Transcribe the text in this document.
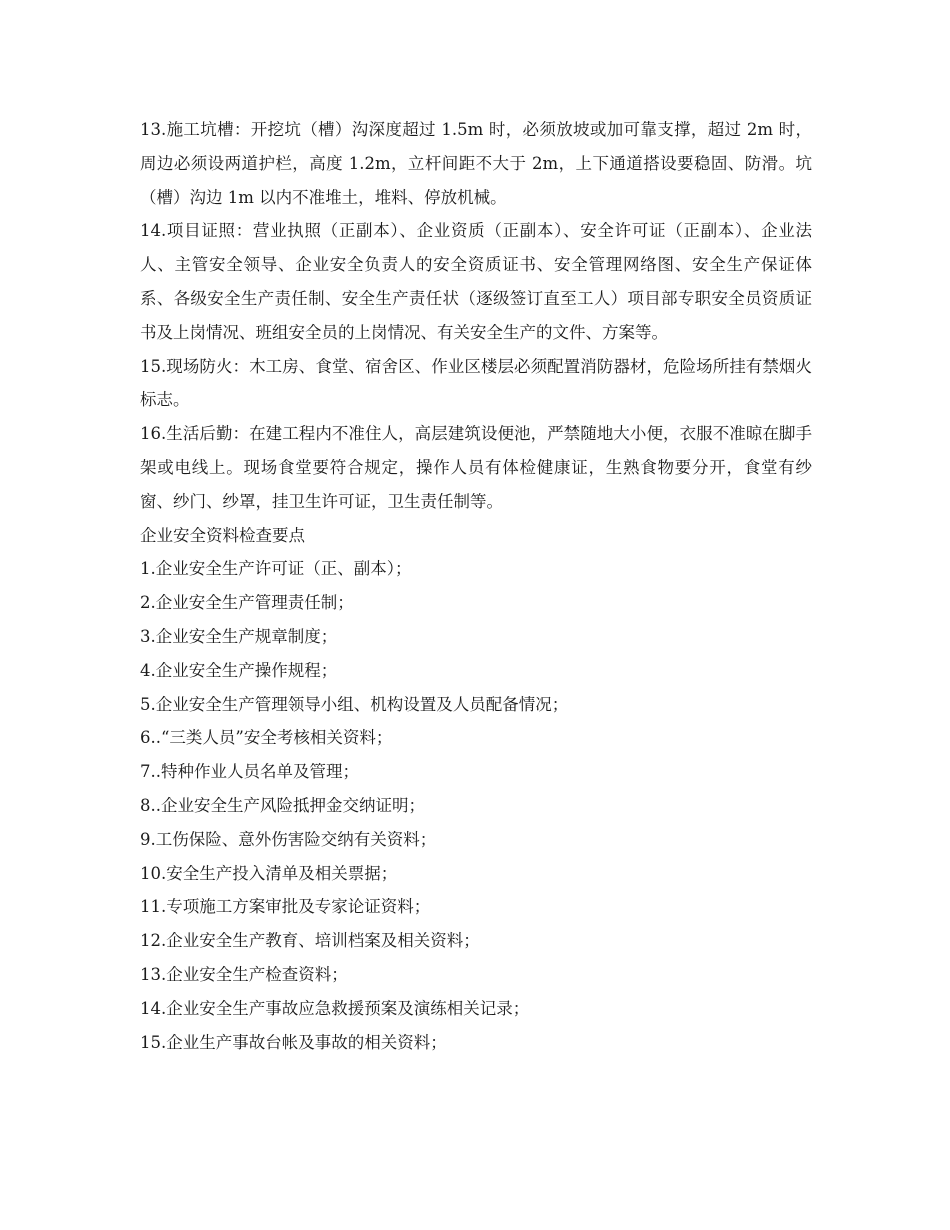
13.施工坑槽：开挖坑（槽）沟深度超过 1.5m 时，必须放坡或加可靠支撑，超过 2m 时，周边必须设两道护栏，高度 1.2m，立杆间距不大于 2m，上下通道搭设要稳固、防滑。坑（槽）沟边 1m 以内不准堆土，堆料、停放机械。

14.项目证照：营业执照（正副本）、企业资质（正副本）、安全许可证（正副本）、企业法人、主管安全领导、企业安全负责人的安全资质证书、安全管理网络图、安全生产保证体系、各级安全生产责任制、安全生产责任状（逐级签订直至工人）项目部专职安全员资质证书及上岗情况、班组安全员的上岗情况、有关安全生产的文件、方案等。

15.现场防火：木工房、食堂、宿舍区、作业区楼层必须配置消防器材，危险场所挂有禁烟火标志。

16.生活后勤：在建工程内不准住人，高层建筑设便池，严禁随地大小便，衣服不准晾在脚手架或电线上。现场食堂要符合规定，操作人员有体检健康证，生熟食物要分开，食堂有纱窗、纱门、纱罩，挂卫生许可证，卫生责任制等。

企业安全资料检查要点

1.企业安全生产许可证（正、副本）；

2.企业安全生产管理责任制；

3.企业安全生产规章制度；

4.企业安全生产操作规程；

5.企业安全生产管理领导小组、机构设置及人员配备情况；

6..“三类人员”安全考核相关资料；

7..特种作业人员名单及管理；

8..企业安全生产风险抵押金交纳证明；

9.工伤保险、意外伤害险交纳有关资料；

10.安全生产投入清单及相关票据；

11.专项施工方案审批及专家论证资料；

12.企业安全生产教育、培训档案及相关资料；

13.企业安全生产检查资料；

14.企业安全生产事故应急救援预案及演练相关记录；

15.企业生产事故台帐及事故的相关资料；
